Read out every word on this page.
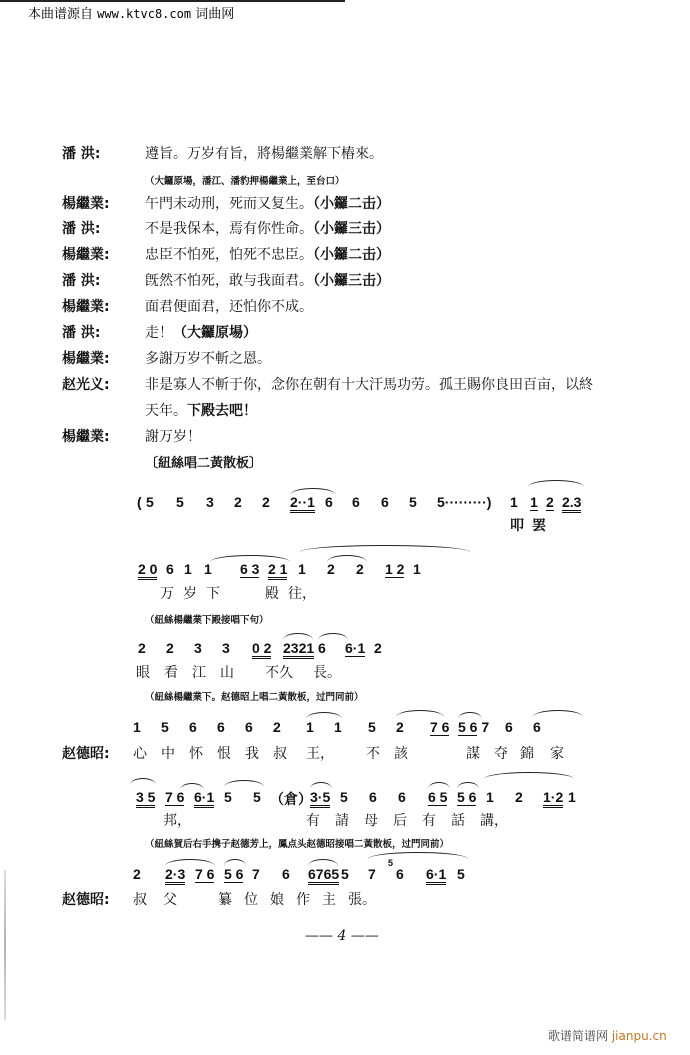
本曲谱源自 www.ktvc8.com 词曲网
潘 洪:	遵旨。万岁有旨，將楊繼業解下樁來。
（大鑼原場，潘江、潘豹押楊繼業上，至台口）
楊繼業:	午門未动刑，死而又复生。（小鑼二击）
潘 洪:	不是我保本，焉有你性命。（小鑼三击）
楊繼業:	忠臣不怕死，怕死不忠臣。（小鑼二击）
潘 洪:	旣然不怕死，敢与我面君。（小鑼三击）
楊繼業:	面君便面君，还怕你不成。
潘 洪:	走！（大鑼原場）
楊繼業:	多謝万岁不斬之恩。
赵光义:	非是寡人不斬于你，念你在朝有十大汗馬功劳。孤王賜你良田百亩，以終
天年。下殿去吧！
楊繼業:	謝万岁！
〔紐絲唱二黃散板〕
( 5 5 3 2 2 2··1 6 6 6 5 5·········) 1 1 2 2.3
叩 罢
2 0 6 1 1 6 3 2 1 1 2 2 1 2 1
万 岁 下	殿 往，
（紐絲楊繼業下殿接唱下句）
2 2 3 3 0 2 2321 6 6·1 2
眼 看 江 山 不久 長。
（紐絲楊繼業下。赵德昭上唱二黃散板，过門同前）
赵德昭:
1 5 6 6 6 2 1 1 5 2 7 6 5 6 7 6 6
心 中 怀 恨 我 叔 王， 不 該	謀 夺 錦 家
3 5 7 6 6·1 5 5 （倉）
3·5 5 6 6 6 5 5 6 1 2 1·2 1
邦，	有 請 母 后 有 話 講，
（紐絲賀后右手携子赵德芳上，鳳点头赵德昭接唱二黃散板，过門同前）
赵德昭:
2 2·3 7 6 5 6 7 6 6765 5 7
5
6 6·1 5
叔 父	纂 位 娘 作 主 張。
—— 4 ——
歌谱简谱网 jianpu.cn
